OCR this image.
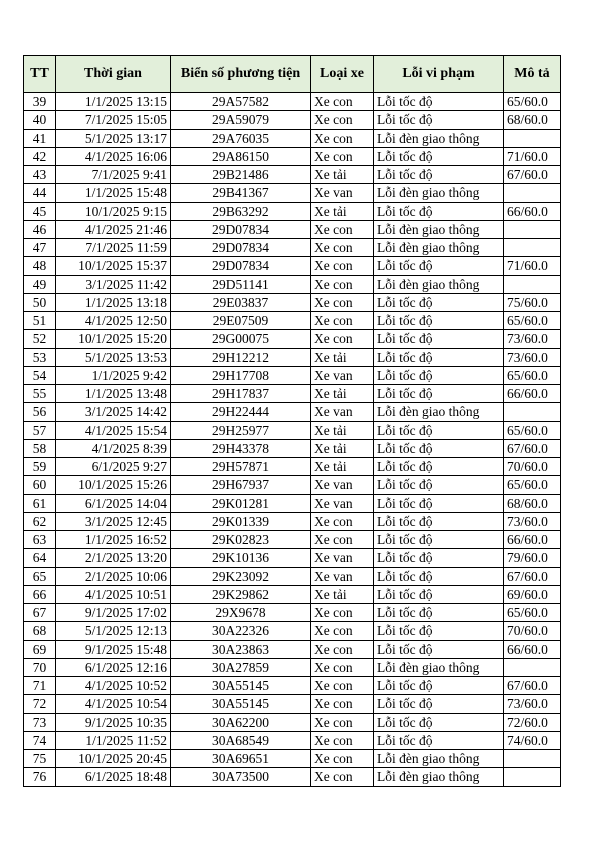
TT	Thời gian	Biển số phương tiện	Loại xe	Lỗi vi phạm	Mô tả
39	1/1/2025 13:15	29A57582	Xe con	Lỗi tốc độ	65/60.0
40	7/1/2025 15:05	29A59079	Xe con	Lỗi tốc độ	68/60.0
41	5/1/2025 13:17	29A76035	Xe con	Lỗi đèn giao thông	
42	4/1/2025 16:06	29A86150	Xe con	Lỗi tốc độ	71/60.0
43	7/1/2025 9:41	29B21486	Xe tải	Lỗi tốc độ	67/60.0
44	1/1/2025 15:48	29B41367	Xe van	Lỗi đèn giao thông	
45	10/1/2025 9:15	29B63292	Xe tải	Lỗi tốc độ	66/60.0
46	4/1/2025 21:46	29D07834	Xe con	Lỗi đèn giao thông	
47	7/1/2025 11:59	29D07834	Xe con	Lỗi đèn giao thông	
48	10/1/2025 15:37	29D07834	Xe con	Lỗi tốc độ	71/60.0
49	3/1/2025 11:42	29D51141	Xe con	Lỗi đèn giao thông	
50	1/1/2025 13:18	29E03837	Xe con	Lỗi tốc độ	75/60.0
51	4/1/2025 12:50	29E07509	Xe con	Lỗi tốc độ	65/60.0
52	10/1/2025 15:20	29G00075	Xe con	Lỗi tốc độ	73/60.0
53	5/1/2025 13:53	29H12212	Xe tải	Lỗi tốc độ	73/60.0
54	1/1/2025 9:42	29H17708	Xe van	Lỗi tốc độ	65/60.0
55	1/1/2025 13:48	29H17837	Xe tải	Lỗi tốc độ	66/60.0
56	3/1/2025 14:42	29H22444	Xe van	Lỗi đèn giao thông	
57	4/1/2025 15:54	29H25977	Xe tải	Lỗi tốc độ	65/60.0
58	4/1/2025 8:39	29H43378	Xe tải	Lỗi tốc độ	67/60.0
59	6/1/2025 9:27	29H57871	Xe tải	Lỗi tốc độ	70/60.0
60	10/1/2025 15:26	29H67937	Xe van	Lỗi tốc độ	65/60.0
61	6/1/2025 14:04	29K01281	Xe van	Lỗi tốc độ	68/60.0
62	3/1/2025 12:45	29K01339	Xe con	Lỗi tốc độ	73/60.0
63	1/1/2025 16:52	29K02823	Xe con	Lỗi tốc độ	66/60.0
64	2/1/2025 13:20	29K10136	Xe van	Lỗi tốc độ	79/60.0
65	2/1/2025 10:06	29K23092	Xe van	Lỗi tốc độ	67/60.0
66	4/1/2025 10:51	29K29862	Xe tải	Lỗi tốc độ	69/60.0
67	9/1/2025 17:02	29X9678	Xe con	Lỗi tốc độ	65/60.0
68	5/1/2025 12:13	30A22326	Xe con	Lỗi tốc độ	70/60.0
69	9/1/2025 15:48	30A23863	Xe con	Lỗi tốc độ	66/60.0
70	6/1/2025 12:16	30A27859	Xe con	Lỗi đèn giao thông	
71	4/1/2025 10:52	30A55145	Xe con	Lỗi tốc độ	67/60.0
72	4/1/2025 10:54	30A55145	Xe con	Lỗi tốc độ	73/60.0
73	9/1/2025 10:35	30A62200	Xe con	Lỗi tốc độ	72/60.0
74	1/1/2025 11:52	30A68549	Xe con	Lỗi tốc độ	74/60.0
75	10/1/2025 20:45	30A69651	Xe con	Lỗi đèn giao thông	
76	6/1/2025 18:48	30A73500	Xe con	Lỗi đèn giao thông	
